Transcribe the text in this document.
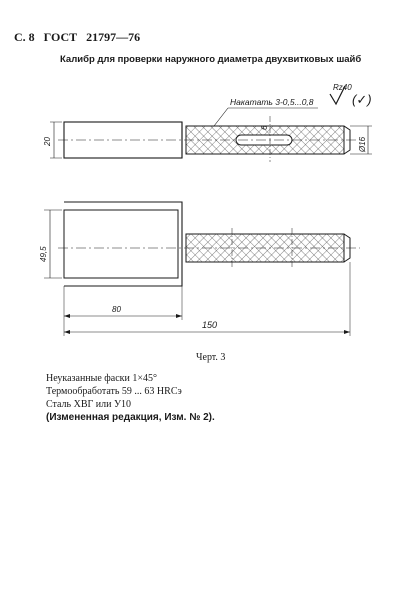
С. 8 ГОСТ 21797—76
Калибр для проверки наружного диаметра двухвитковых шайб
Rz40
(✓)
Накатать 3-0,5...0,8
20
6
Ø16
49,5
80
150
Черт. 3
Неуказанные фаски 1×45°
Термообработать 59 ... 63 HRCэ
Сталь ХВГ или У10
(Измененная редакция, Изм. № 2).
